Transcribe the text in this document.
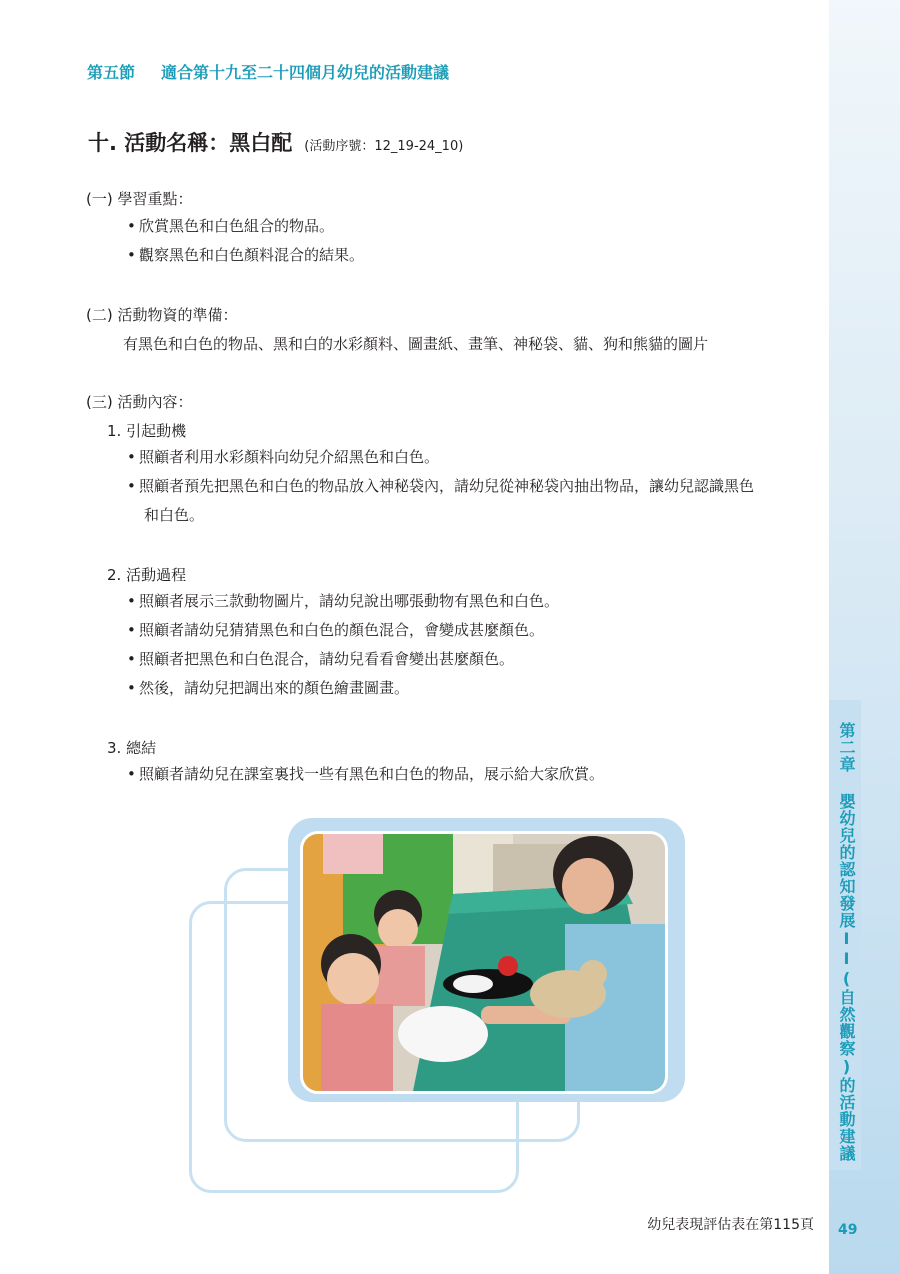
第二章 嬰幼兒的認知發展II(自然觀察)的活動建議
49
幼兒表現評估表在第115頁
第五節 適合第十九至二十四個月幼兒的活動建議
十. 活動名稱：黑白配 (活動序號：12_19-24_10)
(一) 學習重點：
• 欣賞黑色和白色組合的物品。
• 觀察黑色和白色顏料混合的結果。
(二) 活動物資的準備：
有黑色和白色的物品、黑和白的水彩顏料、圖畫紙、畫筆、神秘袋、貓、狗和熊貓的圖片
(三) 活動內容：
1. 引起動機
• 照顧者利用水彩顏料向幼兒介紹黑色和白色。
• 照顧者預先把黑色和白色的物品放入神秘袋內，請幼兒從神秘袋內抽出物品，讓幼兒認識黑色
和白色。
2. 活動過程
• 照顧者展示三款動物圖片，請幼兒說出哪張動物有黑色和白色。
• 照顧者請幼兒猜猜黑色和白色的顏色混合，會變成甚麼顏色。
• 照顧者把黑色和白色混合，請幼兒看看會變出甚麼顏色。
• 然後，請幼兒把調出來的顏色繪畫圖畫。
3. 總結
• 照顧者請幼兒在課室裏找一些有黑色和白色的物品，展示給大家欣賞。
